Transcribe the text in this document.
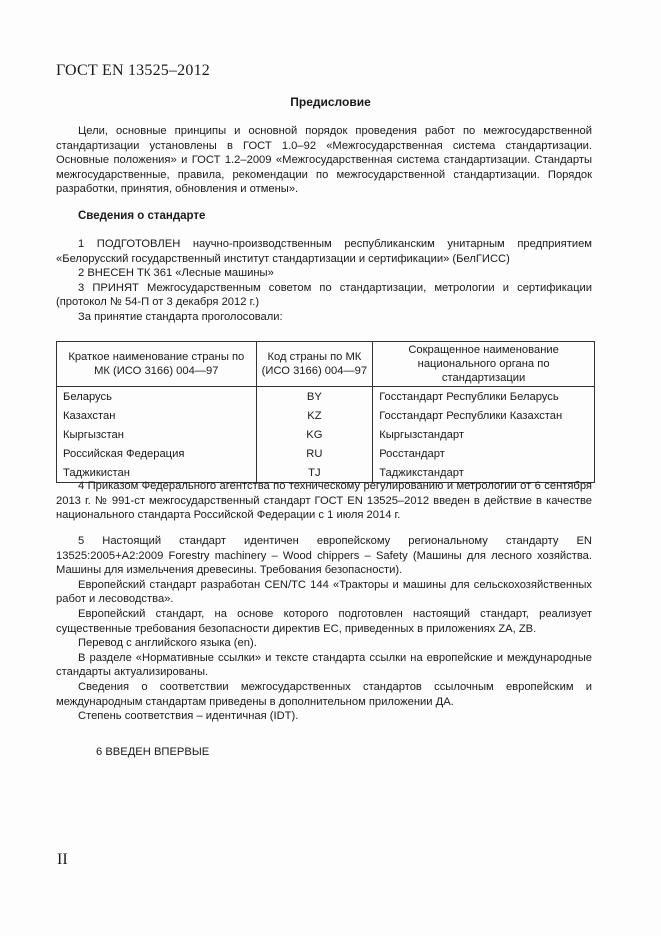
ГОСТ EN 13525–2012
Предисловие

Цели, основные принципы и основной порядок проведения работ по межгосударственной стандартизации установлены в ГОСТ 1.0–92 «Межгосударственная система стандартизации. Основные положения» и ГОСТ 1.2–2009 «Межгосударственная система стандартизации. Стандарты межгосударственные, правила, рекомендации по межгосударственной стандартизации. Порядок разработки, принятия, обновления и отмены».

Сведения о стандарте

1 ПОДГОТОВЛЕН научно-производственным республиканским унитарным предприятием «Белорусский государственный институт стандартизации и сертификации» (БелГИСС)

2 ВНЕСЕН ТК 361 «Лесные машины»

3 ПРИНЯТ Межгосударственным советом по стандартизации, метрологии и сертификации (протокол № 54-П от 3 декабря 2012 г.)

За принятие стандарта проголосовали:

Краткое наименование страны по МК (ИСО 3166) 004—97	Код страны по МК (ИСО 3166) 004—97	Сокращенное наименование национального органа по стандартизации
Беларусь	BY	Госстандарт Республики Беларусь
Казахстан	KZ	Госстандарт Республики Казахстан
Кыргызстан	KG	Кыргызстандарт
Российская Федерация	RU	Росстандарт
Таджикистан	TJ	Таджикстандарт

4 Приказом Федерального агентства по техническому регулированию и метрологии от 6 сентября 2013 г. № 991-ст межгосударственный стандарт ГОСТ EN 13525–2012 введен в действие в качестве национального стандарта Российской Федерации с 1 июля 2014 г.

5 Настоящий стандарт идентичен европейскому региональному стандарту EN 13525:2005+A2:2009 Forestry machinery – Wood chippers – Safety (Машины для лесного хозяйства. Машины для измельчения древесины. Требования безопасности).

Европейский стандарт разработан CEN/TC 144 «Тракторы и машины для сельскохозяйственных работ и лесоводства».

Европейский стандарт, на основе которого подготовлен настоящий стандарт, реализует существенные требования безопасности директив ЕС, приведенных в приложениях ZA, ZB.

Перевод с английского языка (en).

В разделе «Нормативные ссылки» и тексте стандарта ссылки на европейские и международные стандарты актуализированы.

Сведения о соответствии межгосударственных стандартов ссылочным европейским и международным стандартам приведены в дополнительном приложении ДА.

Степень соответствия – идентичная (IDT).

6 ВВЕДЕН ВПЕРВЫЕ
II
